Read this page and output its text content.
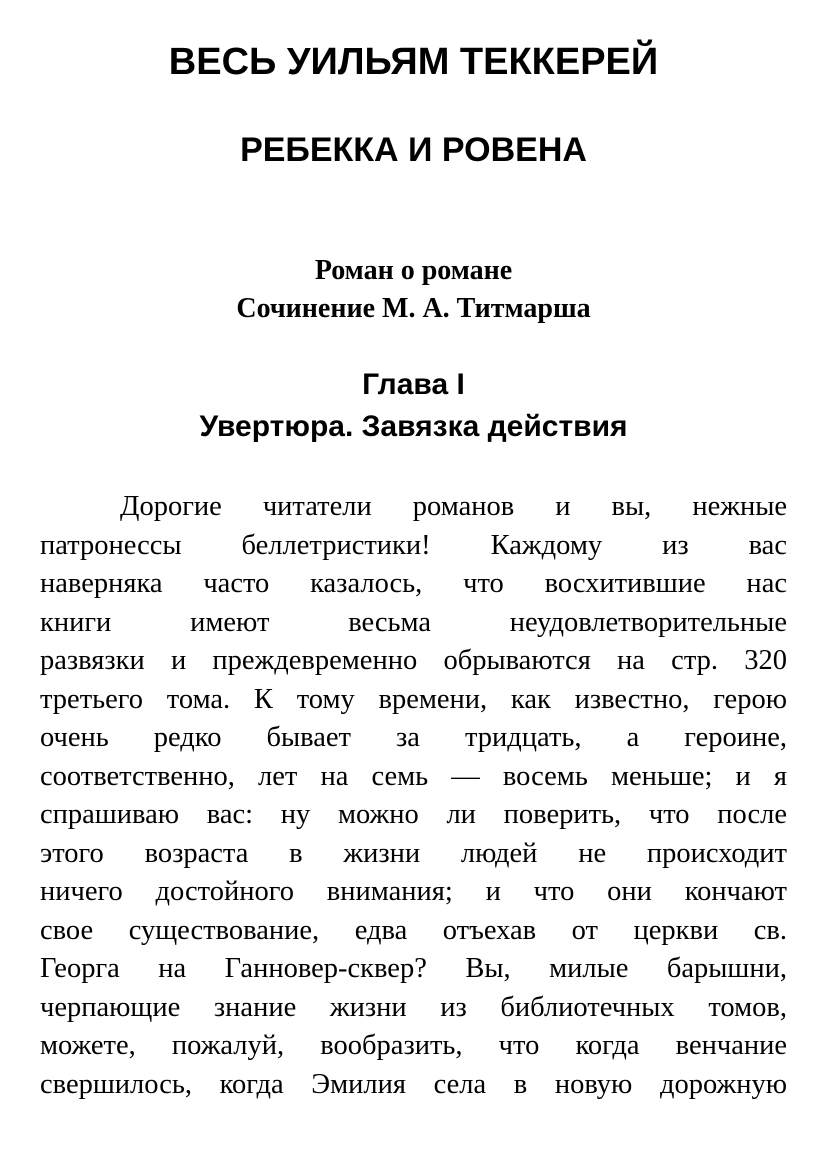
ВЕСЬ УИЛЬЯМ ТЕККЕРЕЙ
РЕБЕККА И РОВЕНА
Роман о романе
Сочинение М. А. Титмарша
Глава I
Увертюра. Завязка действия
Дорогие читатели романов и вы, нежные
патронессы беллетристики! Каждому из вас
наверняка часто казалось, что восхитившие нас
книги имеют весьма неудовлетворительные
развязки и преждевременно обрываются на стр. 320
третьего тома. К тому времени, как известно, герою
очень редко бывает за тридцать, а героине,
соответственно, лет на семь — восемь меньше; и я
спрашиваю вас: ну можно ли поверить, что после
этого возраста в жизни людей не происходит
ничего достойного внимания; и что они кончают
свое существование, едва отъехав от церкви св.
Георга на Ганновер-сквер? Вы, милые барышни,
черпающие знание жизни из библиотечных томов,
можете, пожалуй, вообразить, что когда венчание
свершилось, когда Эмилия села в новую дорожную
